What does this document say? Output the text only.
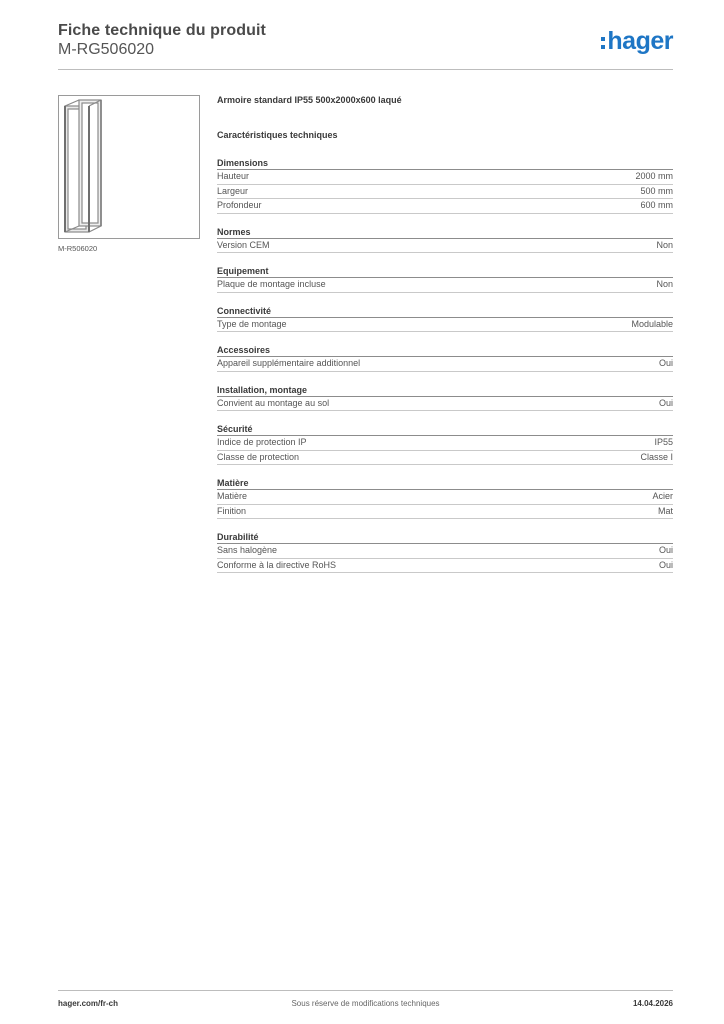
Fiche technique du produit
M-RG506020	hager
M-R506020
Armoire standard IP55 500x2000x600 laqué
Caractéristiques techniques
Dimensions
Hauteur	2000 mm
Largeur	500 mm
Profondeur	600 mm
Normes
Version CEM	Non
Equipement
Plaque de montage incluse	Non
Connectivité
Type de montage	Modulable
Accessoires
Appareil supplémentaire additionnel	Oui
Installation, montage
Convient au montage au sol	Oui
Sécurité
Indice de protection IP	IP55
Classe de protection	Classe I
Matière
Matière	Acier
Finition	Mat
Durabilité
Sans halogène	Oui
Conforme à la directive RoHS	Oui
hager.com/fr-ch	Sous réserve de modifications techniques	14.04.2026
